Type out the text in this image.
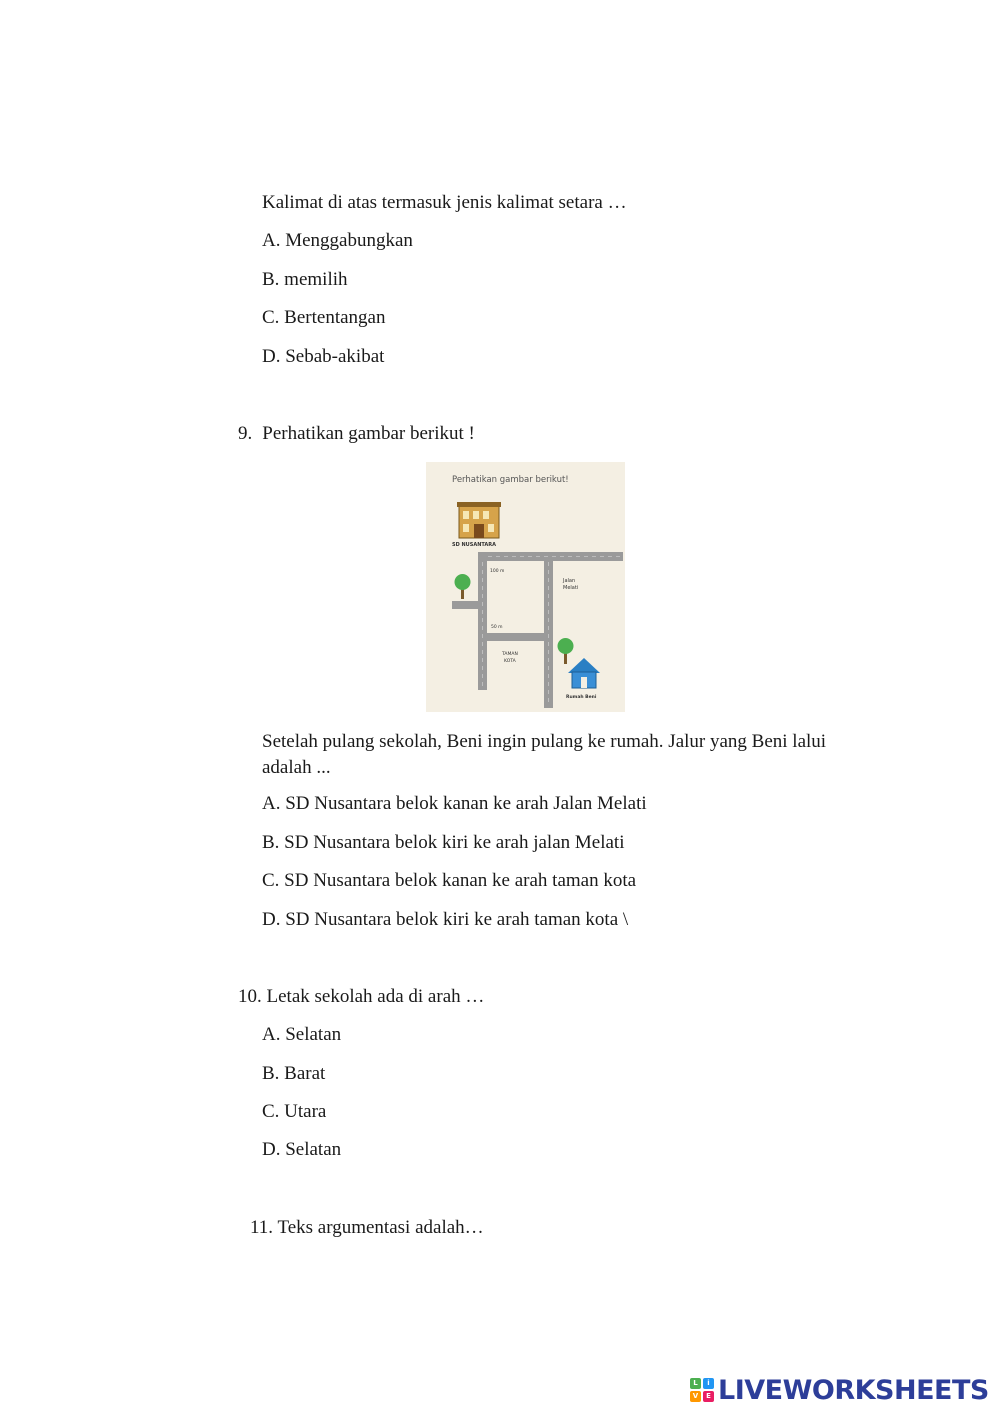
Kalimat di atas termasuk jenis kalimat setara …
A. Menggabungkan
B. memilih
C. Bertentangan
D. Sebab-akibat
9. Perhatikan gambar berikut !
Perhatikan gambar berikut!
SD NUSANTARA
Rumah Beni
100 m
50 m
Jalan
Melati
TAMAN
KOTA
Setelah pulang sekolah, Beni ingin pulang ke rumah. Jalur yang Beni lalui adalah ...
A. SD Nusantara belok kanan ke arah Jalan Melati
B. SD Nusantara belok kiri ke arah jalan Melati
C. SD Nusantara belok kanan ke arah taman kota
D. SD Nusantara belok kiri ke arah taman kota \
10. Letak sekolah ada di arah …
A. Selatan
B. Barat
C. Utara
D. Selatan
11. Teks argumentasi adalah…
L	i
V	E LIVEWORKSHEETS
